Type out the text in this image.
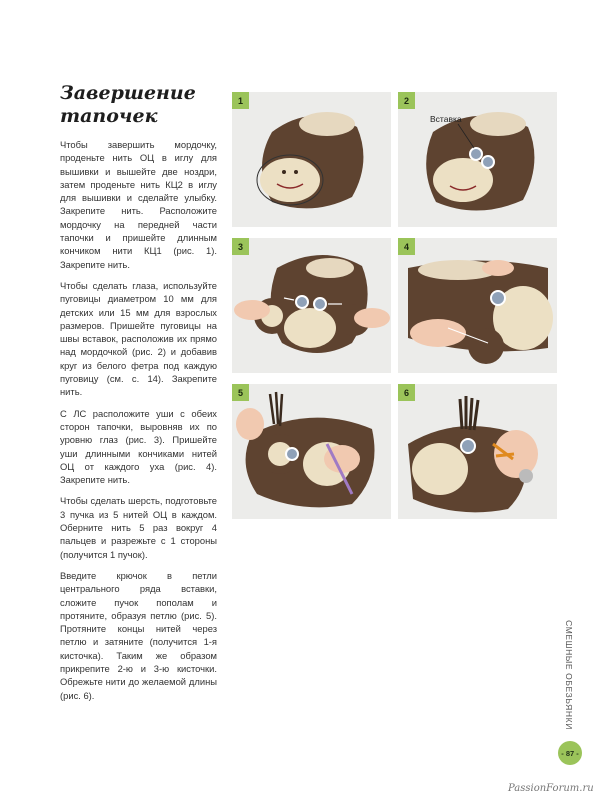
Завершение
тапочек

Чтобы завершить мордочку, проденьте нить ОЦ в иглу для вышивки и вышейте две ноздри, затем проденьте нить КЦ2 в иглу для вышивки и сделайте улыбку. Закрепите нить. Расположите мордочку на передней части тапочки и пришейте длинным кончиком нити КЦ1 (рис. 1). Закрепите нить.

Чтобы сделать глаза, используйте пуговицы диаметром 10 мм для детских или 15 мм для взрослых размеров. Пришейте пуговицы на швы вставок, расположив их прямо над мордочкой (рис. 2) и добавив круг из белого фетра под каждую пуговицу (см. с. 14). Закрепите нить.

С ЛС расположите уши с обеих сторон тапочки, выровняв их по уровню глаз (рис. 3). Пришейте уши длинными кончиками нитей ОЦ от каждого уха (рис. 4). Закрепите нить.

Чтобы сделать шерсть, подготовьте 3 пучка из 5 нитей ОЦ в каждом. Оберните нить 5 раз вокруг 4 пальцев и разрежьте с 1 стороны (получится 1 пучок).

Введите крючок в петли центрального ряда вставки, сложите пучок пополам и протяните, образуя петлю (рис. 5). Протяните концы нитей через петлю и затяните (получится 1-я кисточка). Таким же образом прикрепите 2-ю и 3-ю кисточки. Обрежьте нити до желаемой длины (рис. 6).

1	2
Вставка
3	4
5	6
СМЕШНЫЕ ОБЕЗЬЯНКИ
- 87 -
PassionForum.ru
